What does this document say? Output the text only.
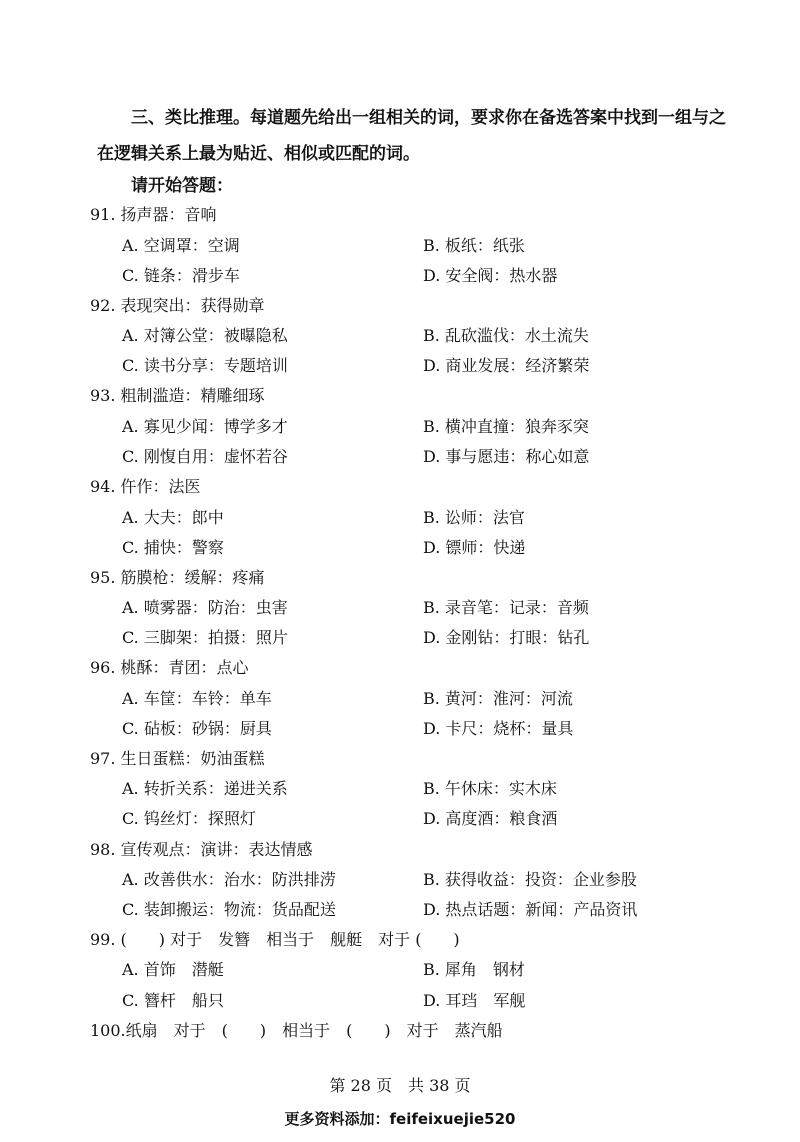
三、类比推理。每道题先给出一组相关的词，要求你在备选答案中找到一组与之在逻辑关系上最为贴近、相似或匹配的词。
请开始答题：
91. 扬声器：音响
A. 空调罩：空调	B. 板纸：纸张
C. 链条：滑步车	D. 安全阀：热水器
92. 表现突出：获得勋章
A. 对簿公堂：被曝隐私	B. 乱砍滥伐：水土流失
C. 读书分享：专题培训	D. 商业发展：经济繁荣
93. 粗制滥造：精雕细琢
A. 寡见少闻：博学多才	B. 横冲直撞：狼奔豕突
C. 刚愎自用：虚怀若谷	D. 事与愿违：称心如意
94. 仵作：法医
A. 大夫：郎中	B. 讼师：法官
C. 捕快：警察	D. 镖师：快递
95. 筋膜枪：缓解：疼痛
A. 喷雾器：防治：虫害	B. 录音笔：记录：音频
C. 三脚架：拍摄：照片	D. 金刚钻：打眼：钻孔
96. 桃酥：青团：点心
A. 车筐：车铃：单车	B. 黄河：淮河：河流
C. 砧板：砂锅：厨具	D. 卡尺：烧杯：量具
97. 生日蛋糕：奶油蛋糕
A. 转折关系：递进关系	B. 午休床：实木床
C. 钨丝灯：探照灯	D. 高度酒：粮食酒
98. 宣传观点：演讲：表达情感
A. 改善供水：治水：防洪排涝	B. 获得收益：投资：企业参股
C. 装卸搬运：物流：货品配送	D. 热点话题：新闻：产品资讯
99. (　　) 对于　发簪　相当于　舰艇　对于 (　　)
A. 首饰　潜艇	B. 犀角　钢材
C. 簪杆　船只	D. 耳珰　军舰
100.纸扇　对于　(　　)　相当于　(　　)　对于　蒸汽船
第 28 页　共 38 页
更多资料添加：feifeixuejie520
